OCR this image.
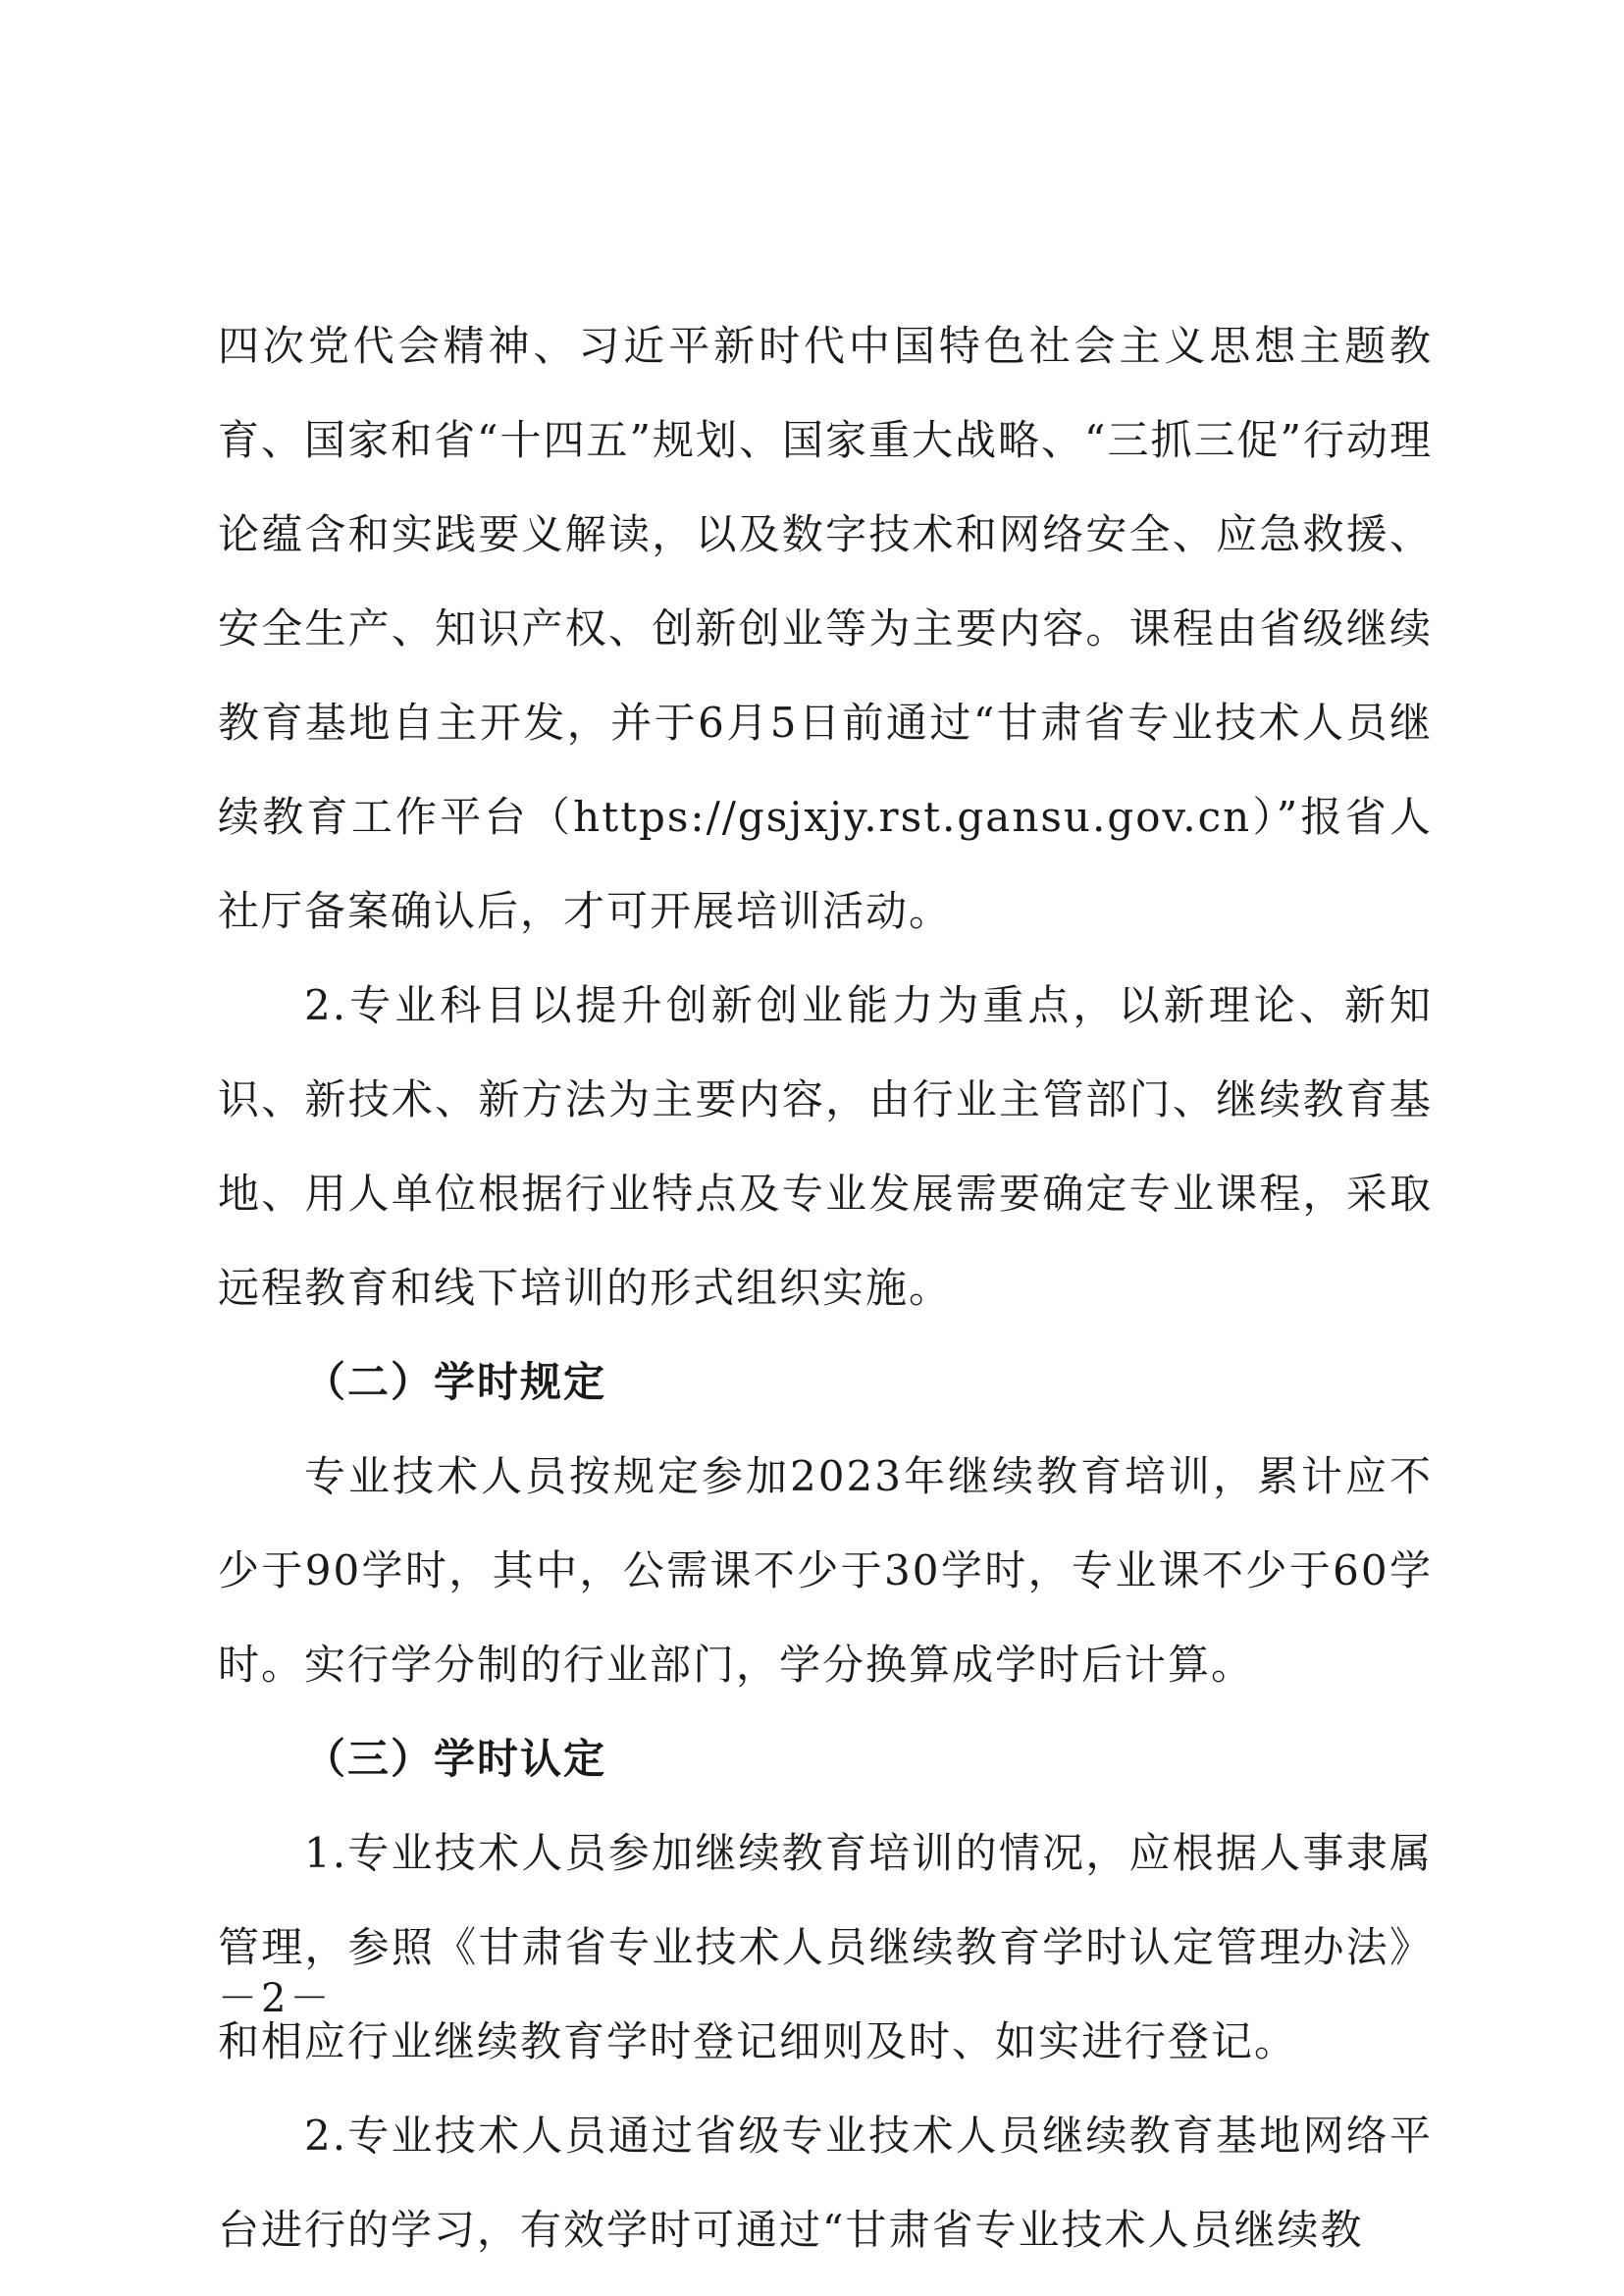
四次党代会精神、习近平新时代中国特色社会主义思想主题教育、国家和省“十四五”规划、国家重大战略、“三抓三促”行动理论蕴含和实践要义解读，以及数字技术和网络安全、应急救援、安全生产、知识产权、创新创业等为主要内容。课程由省级继续教育基地自主开发，并于6月5日前通过“甘肃省专业技术人员继续教育工作平台（https://gsjxjy.rst.gansu.gov.cn）”报省人社厅备案确认后，才可开展培训活动。

2.专业科目以提升创新创业能力为重点，以新理论、新知识、新技术、新方法为主要内容，由行业主管部门、继续教育基地、用人单位根据行业特点及专业发展需要确定专业课程，采取远程教育和线下培训的形式组织实施。

（二）学时规定

专业技术人员按规定参加2023年继续教育培训，累计应不少于90学时，其中，公需课不少于30学时，专业课不少于60学时。实行学分制的行业部门，学分换算成学时后计算。

（三）学时认定

1.专业技术人员参加继续教育培训的情况，应根据人事隶属管理，参照《甘肃省专业技术人员继续教育学时认定管理办法》和相应行业继续教育学时登记细则及时、如实进行登记。

2.专业技术人员通过省级专业技术人员继续教育基地网络平台进行的学习，有效学时可通过“甘肃省专业技术人员继续教

－2－
